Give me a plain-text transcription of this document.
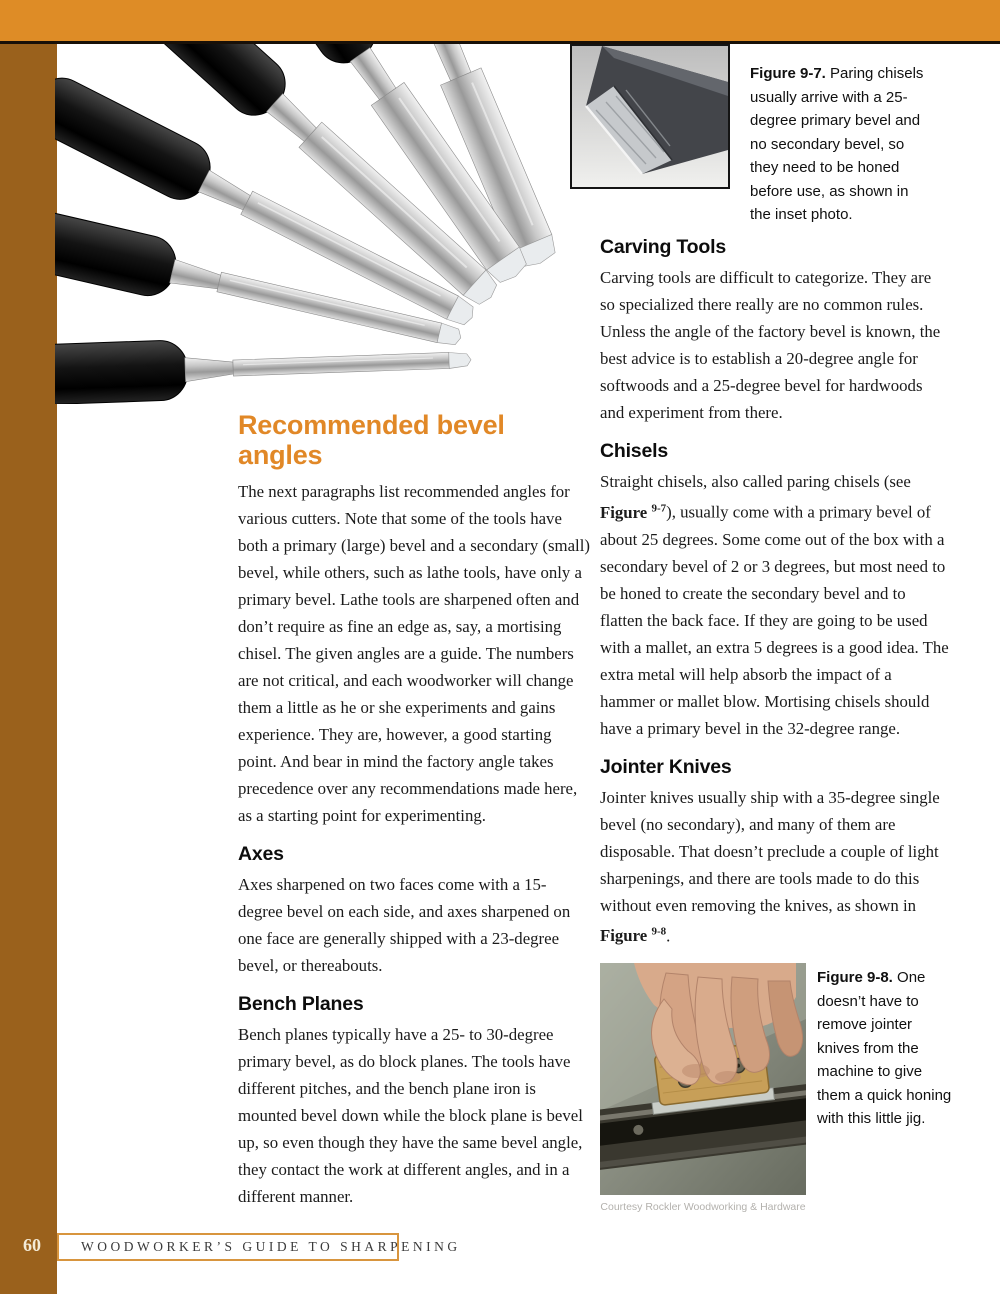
Figure 9-7. Paring chisels usually arrive with a 25-degree primary bevel and no secondary bevel, so they need to be honed before use, as shown in the inset photo.
Carving Tools

Carving tools are difficult to categorize. They are so specialized there really are no common rules. Unless the angle of the factory bevel is known, the best advice is to establish a 20-degree angle for softwoods and a 25-degree bevel for hardwoods and experiment from there.

Chisels

Straight chisels, also called paring chisels (see Figure $^{9-7}$), usually come with a primary bevel of about 25 degrees. Some come out of the box with a secondary bevel of 2 or 3 degrees, but most need to be honed to create the secondary bevel and to flatten the back face. If they are going to be used with a mallet, an extra 5 degrees is a good idea. The extra metal will help absorb the impact of a hammer or mallet blow. Mortising chisels should have a primary bevel in the 32-degree range.

Jointer Knives

Jointer knives usually ship with a 35-degree single bevel (no secondary), and many of them are disposable. That doesn’t preclude a couple of light sharpenings, and there are tools made to do this without even removing the knives, as shown in Figure $^{9-8}$.

Recommended bevel angles

The next paragraphs list recommended angles for various cutters. Note that some of the tools have both a primary (large) bevel and a secondary (small) bevel, while others, such as lathe tools, have only a primary bevel. Lathe tools are sharpened often and don’t require as fine an edge as, say, a mortising chisel. The given angles are a guide. The numbers are not critical, and each woodworker will change them a little as he or she experiments and gains experience. They are, however, a good starting point. And bear in mind the factory angle takes precedence over any recommendations made here, as a starting point for experimenting.

Axes

Axes sharpened on two faces come with a 15-degree bevel on each side, and axes sharpened on one face are generally shipped with a 23-degree bevel, or thereabouts.

Bench Planes

Bench planes typically have a 25- to 30-degree primary bevel, as do block planes. The tools have different pitches, and the bench plane iron is mounted bevel down while the block plane is bevel up, so even though they have the same bevel angle, they contact the work at different angles, and in a different manner.

Figure 9-8. One doesn’t have to remove jointer knives from the machine to give them a quick honing with this little jig.
Courtesy Rockler Woodworking & Hardware
60	WOODWORKER’S GUIDE TO SHARPENING
